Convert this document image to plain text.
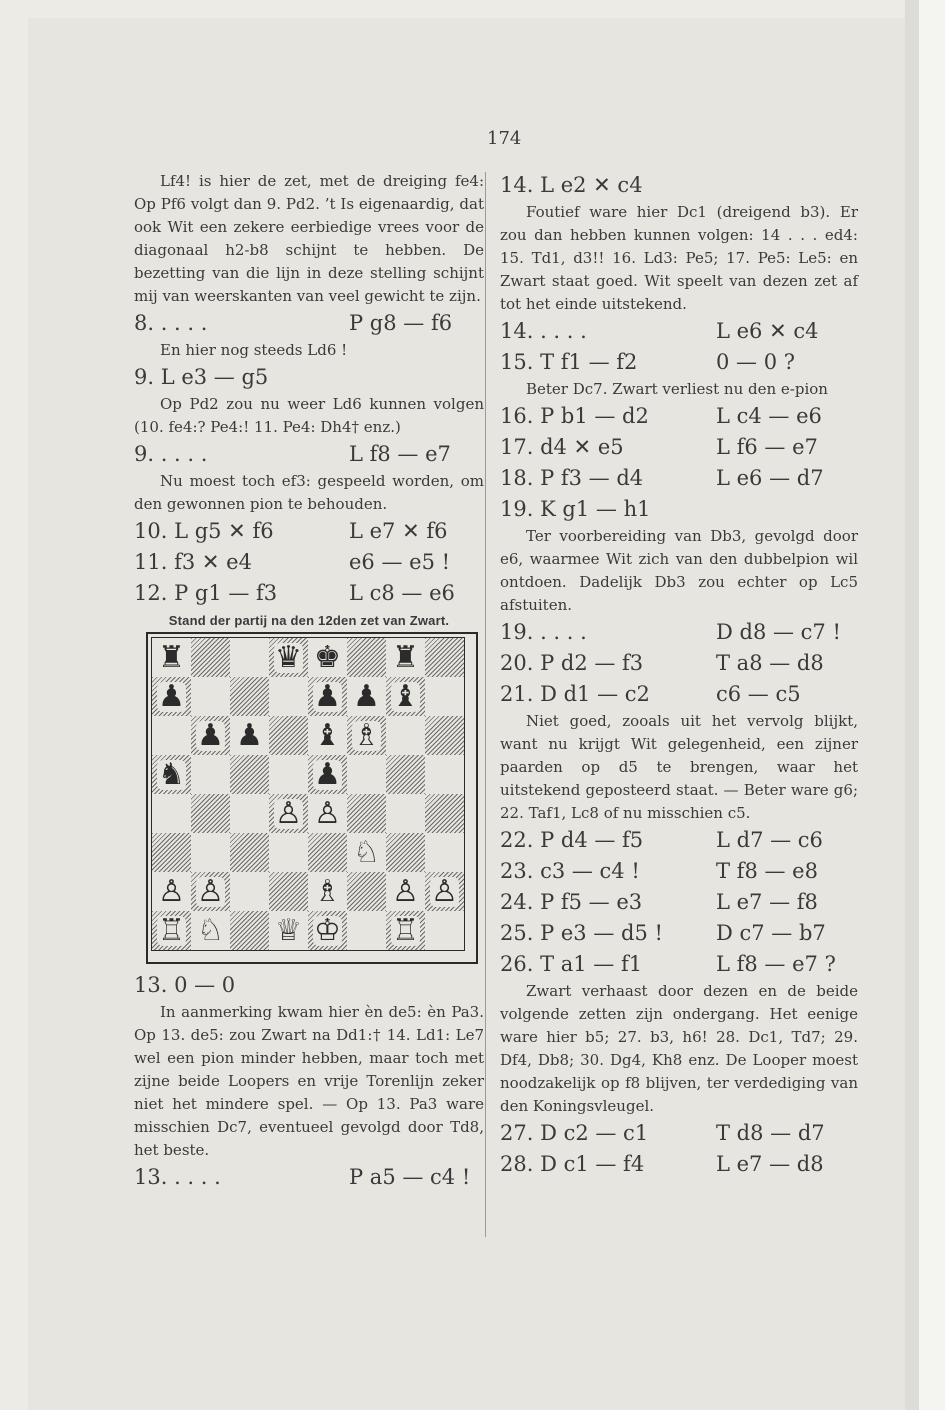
174

Lf4! is hier de zet, met de dreiging fe4: Op Pf6 volgt dan 9. Pd2. ’t Is eigenaardig, dat ook Wit een zekere eerbiedige vrees voor de diagonaal h2-b8 schijnt te hebben. De bezetting van die lijn in deze stelling schijnt mij van weerskanten van veel gewicht te zijn.

8. . . . .	P g8 — f6

En hier nog steeds Ld6 !

9. L e3 — g5

Op Pd2 zou nu weer Ld6 kunnen volgen (10. fe4:? Pe4:! 11. Pe4: Dh4† enz.)

9. . . . .	L f8 — e7

Nu moest toch ef3: gespeeld worden, om den gewonnen pion te behouden.

10. L g5 ✕ f6	L e7 ✕ f6
11. f3 ✕ e4	e6 — e5 !
12. P g1 — f3	L c8 — e6
Stand der partij na den 12den zet van Zwart.
♜	♛ ♚ ♜
♟	♟ ♟ ♝
♟ ♟ ♝ ♗
♞	♟
♙ ♙
♘
♙ ♙	♗ ♙ ♙
♖ ♘ ♕ ♔ ♖
13. 0 — 0

In aanmerking kwam hier èn de5: èn Pa3. Op 13. de5: zou Zwart na Dd1:† 14. Ld1: Le7 wel een pion minder hebben, maar toch met zijne beide Loopers en vrije Torenlijn zeker niet het mindere spel. — Op 13. Pa3 ware misschien Dc7, eventueel gevolgd door Td8, het beste.

13. . . . .	P a5 — c4 !
14. L e2 ✕ c4

Foutief ware hier Dc1 (dreigend b3). Er zou dan hebben kunnen volgen: 14 . . . ed4: 15. Td1, d3!! 16. Ld3: Pe5; 17. Pe5: Le5: en Zwart staat goed. Wit speelt van dezen zet af tot het einde uitstekend.

14. . . . .	L e6 ✕ c4
15. T f1 — f2	0 — 0 ?

Beter Dc7. Zwart verliest nu den e-pion

16. P b1 — d2	L c4 — e6
17. d4 ✕ e5	L f6 — e7
18. P f3 — d4	L e6 — d7
19. K g1 — h1

Ter voorbereiding van Db3, gevolgd door e6, waarmee Wit zich van den dubbelpion wil ontdoen. Dadelijk Db3 zou echter op Lc5 afstuiten.

19. . . . .	D d8 — c7 !
20. P d2 — f3	T a8 — d8
21. D d1 — c2	c6 — c5

Niet goed, zooals uit het vervolg blijkt, want nu krijgt Wit gelegenheid, een zijner paarden op d5 te brengen, waar het uitstekend geposteerd staat. — Beter ware g6; 22. Taf1, Lc8 of nu misschien c5.

22. P d4 — f5	L d7 — c6
23. c3 — c4 !	T f8 — e8
24. P f5 — e3	L e7 — f8
25. P e3 — d5 !	D c7 — b7
26. T a1 — f1	L f8 — e7 ?

Zwart verhaast door dezen en de beide volgende zetten zijn ondergang. Het eenige ware hier b5; 27. b3, h6! 28. Dc1, Td7; 29. Df4, Db8; 30. Dg4, Kh8 enz. De Looper moest noodzakelijk op f8 blijven, ter verdediging van den Koningsvleugel.

27. D c2 — c1	T d8 — d7
28. D c1 — f4	L e7 — d8
